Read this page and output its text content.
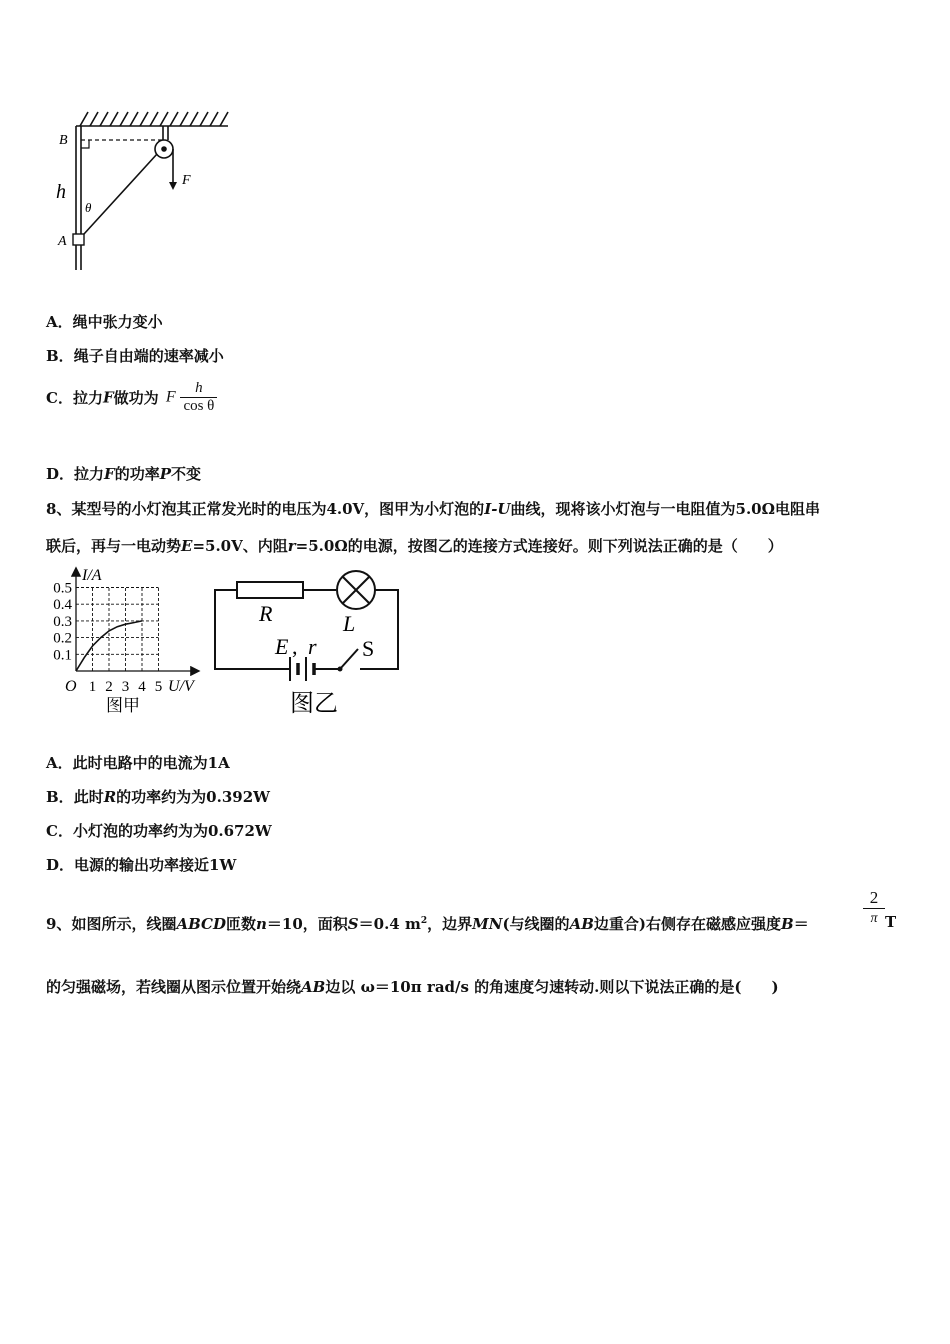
B
h
θ
A
F
A．绳中张力变小
B．绳子自由端的速率减小
C．拉力F做功为 F $\frac{h}{\text{cos θ}}$
D．拉力F的功率P不变
8、某型号的小灯泡其正常发光时的电压为4.0V，图甲为小灯泡的I-U曲线，现将该小灯泡与一电阻值为5.0Ω电阻串
联后，再与一电动势E=5.0V、内阻r=5.0Ω的电源，按图乙的连接方式连接好。则下列说法正确的是（　　）
0.5
0.4
0.3
0.2
0.1
1 2 3 4 5
I/A
U/V
O
图甲
R	L
E , r S
图乙
A．此时电路中的电流为1A
B．此时R的功率约为为0.392W
C．小灯泡的功率约为为0.672W
D．电源的输出功率接近1W
9、如图所示，线圈ABCD匝数n＝10，面积S＝0.4 $m^2$，边界MN(与线圈的AB边重合)右侧存在磁感应强度B＝
2
π T
的匀强磁场，若线圈从图示位置开始绕AB边以 ω＝10π rad/s 的角速度匀速转动.则以下说法正确的是(　　)
